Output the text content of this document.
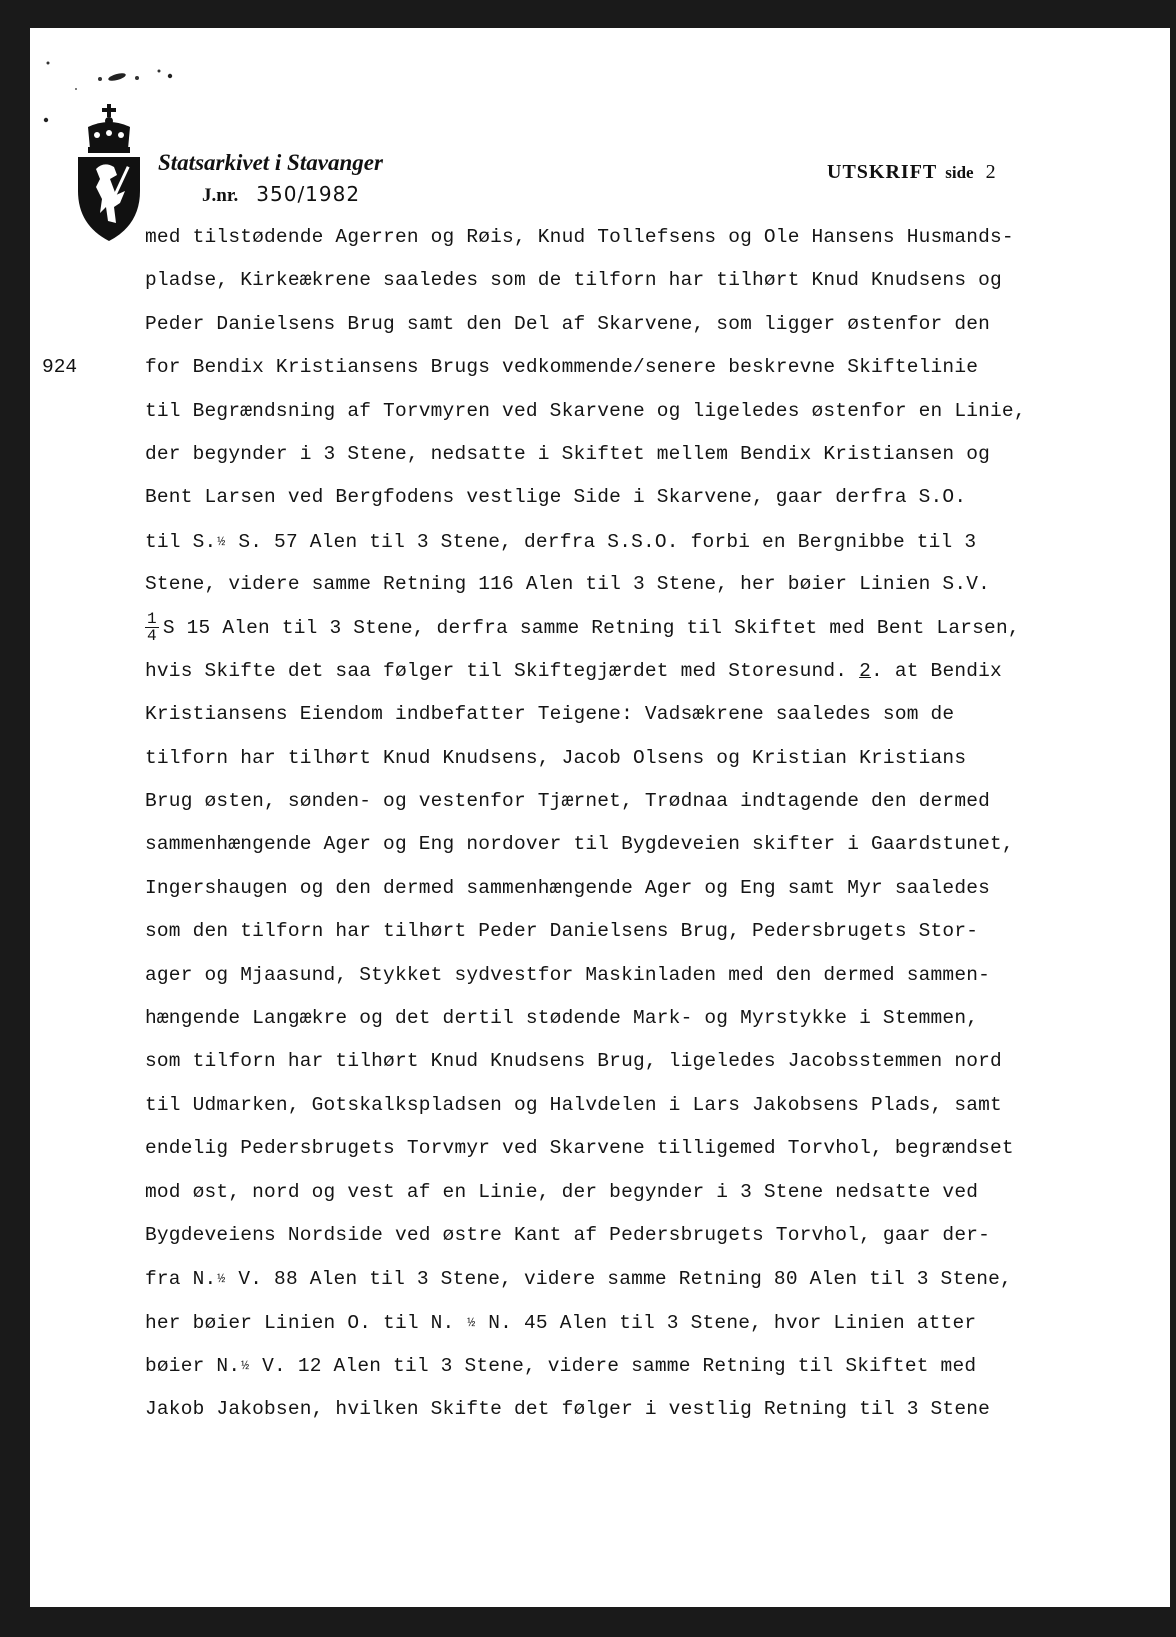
Statsarkivet i Stavanger
J.nr. 350/1982
UTSKRIFT side 2
924
med tilstødende Agerren og Røis, Knud Tollefsens og Ole Hansens Husmands-
pladse, Kirkeækrene saaledes som de tilforn har tilhørt Knud Knudsens og
Peder Danielsens Brug samt den Del af Skarvene, som ligger østenfor den
for Bendix Kristiansens Brugs vedkommende/senere beskrevne Skiftelinie
til Begrændsning af Torvmyren ved Skarvene og ligeledes østenfor en Linie,
der begynder i 3 Stene, nedsatte i Skiftet mellem Bendix Kristiansen og
Bent Larsen ved Bergfodens vestlige Side i Skarvene, gaar derfra S.O.
til S.½ S. 57 Alen til 3 Stene, derfra S.S.O. forbi en Bergnibbe til 3
Stene, videre samme Retning 116 Alen til 3 Stene, her bøier Linien S.V.
$\frac{1}{4}$ S 15 Alen til 3 Stene, derfra samme Retning til Skiftet med Bent Larsen,
hvis Skifte det saa følger til Skiftegjærdet med Storesund. 2. at Bendix
Kristiansens Eiendom indbefatter Teigene: Vadsækrene saaledes som de
tilforn har tilhørt Knud Knudsens, Jacob Olsens og Kristian Kristians
Brug østen, sønden- og vestenfor Tjærnet, Trødnaa indtagende den dermed
sammenhængende Ager og Eng nordover til Bygdeveien skifter i Gaardstunet,
Ingershaugen og den dermed sammenhængende Ager og Eng samt Myr saaledes
som den tilforn har tilhørt Peder Danielsens Brug, Pedersbrugets Stor-
ager og Mjaasund, Stykket sydvestfor Maskinladen med den dermed sammen-
hængende Langækre og det dertil stødende Mark- og Myrstykke i Stemmen,
som tilforn har tilhørt Knud Knudsens Brug, ligeledes Jacobsstemmen nord
til Udmarken, Gotskalkspladsen og Halvdelen i Lars Jakobsens Plads, samt
endelig Pedersbrugets Torvmyr ved Skarvene tilligemed Torvhol, begrændset
mod øst, nord og vest af en Linie, der begynder i 3 Stene nedsatte ved
Bygdeveiens Nordside ved østre Kant af Pedersbrugets Torvhol, gaar der-
fra N.½ V. 88 Alen til 3 Stene, videre samme Retning 80 Alen til 3 Stene,
her bøier Linien O. til N. ½ N. 45 Alen til 3 Stene, hvor Linien atter
bøier N.½ V. 12 Alen til 3 Stene, videre samme Retning til Skiftet med
Jakob Jakobsen, hvilken Skifte det følger i vestlig Retning til 3 Stene
